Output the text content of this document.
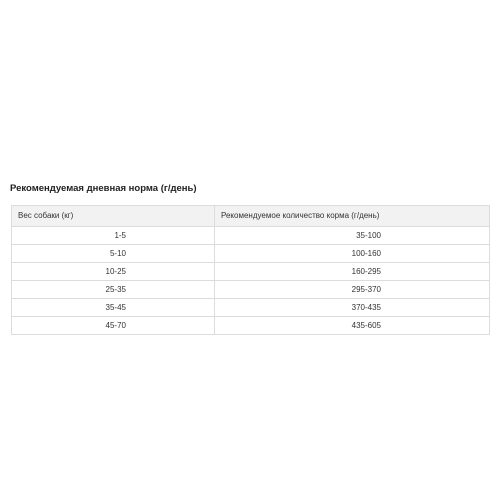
Рекомендуемая дневная норма (г/день)
Вес собаки (кг)	Рекомендуемое количество корма (г/день)
1-5	35-100
5-10	100-160
10-25	160-295
25-35	295-370
35-45	370-435
45-70	435-605
